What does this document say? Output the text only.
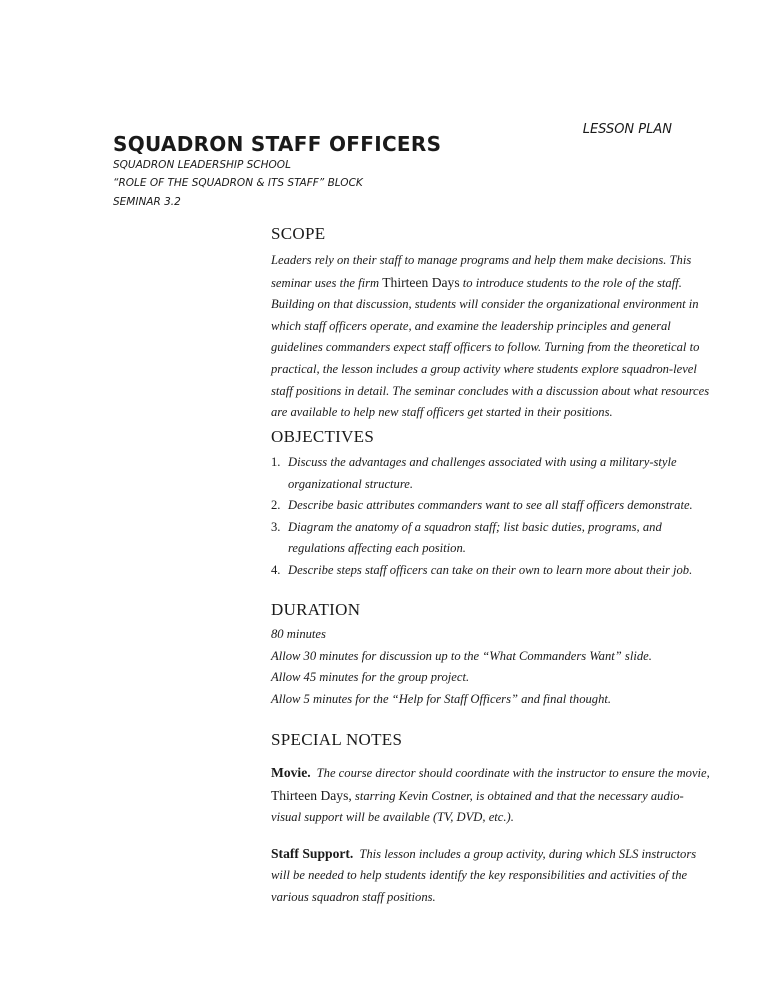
LESSON PLAN
SQUADRON STAFF OFFICERS
SQUADRON LEADERSHIP SCHOOL
“ROLE OF THE SQUADRON & ITS STAFF” BLOCK
SEMINAR 3.2
SCOPE

Leaders rely on their staff to manage programs and help them make decisions. This seminar uses the firm Thirteen Days to introduce students to the role of the staff. Building on that discussion, students will consider the organizational environment in which staff officers operate, and examine the leadership principles and general guidelines commanders expect staff officers to follow. Turning from the theoretical to practical, the lesson includes a group activity where students explore squadron-level staff positions in detail. The seminar concludes with a discussion about what resources are available to help new staff officers get started in their positions.

OBJECTIVES
1. Discuss the advantages and challenges associated with using a military-style organizational structure.
2. Describe basic attributes commanders want to see all staff officers demonstrate.
3. Diagram the anatomy of a squadron staff; list basic duties, programs, and regulations affecting each position.
4. Describe steps staff officers can take on their own to learn more about their job.
DURATION

80 minutes

Allow 30 minutes for discussion up to the “What Commanders Want” slide.

Allow 45 minutes for the group project.

Allow 5 minutes for the “Help for Staff Officers” and final thought.

SPECIAL NOTES

Movie. The course director should coordinate with the instructor to ensure the movie, Thirteen Days, starring Kevin Costner, is obtained and that the necessary audio-visual support will be available (TV, DVD, etc.).

Staff Support. This lesson includes a group activity, during which SLS instructors will be needed to help students identify the key responsibilities and activities of the various squadron staff positions.
